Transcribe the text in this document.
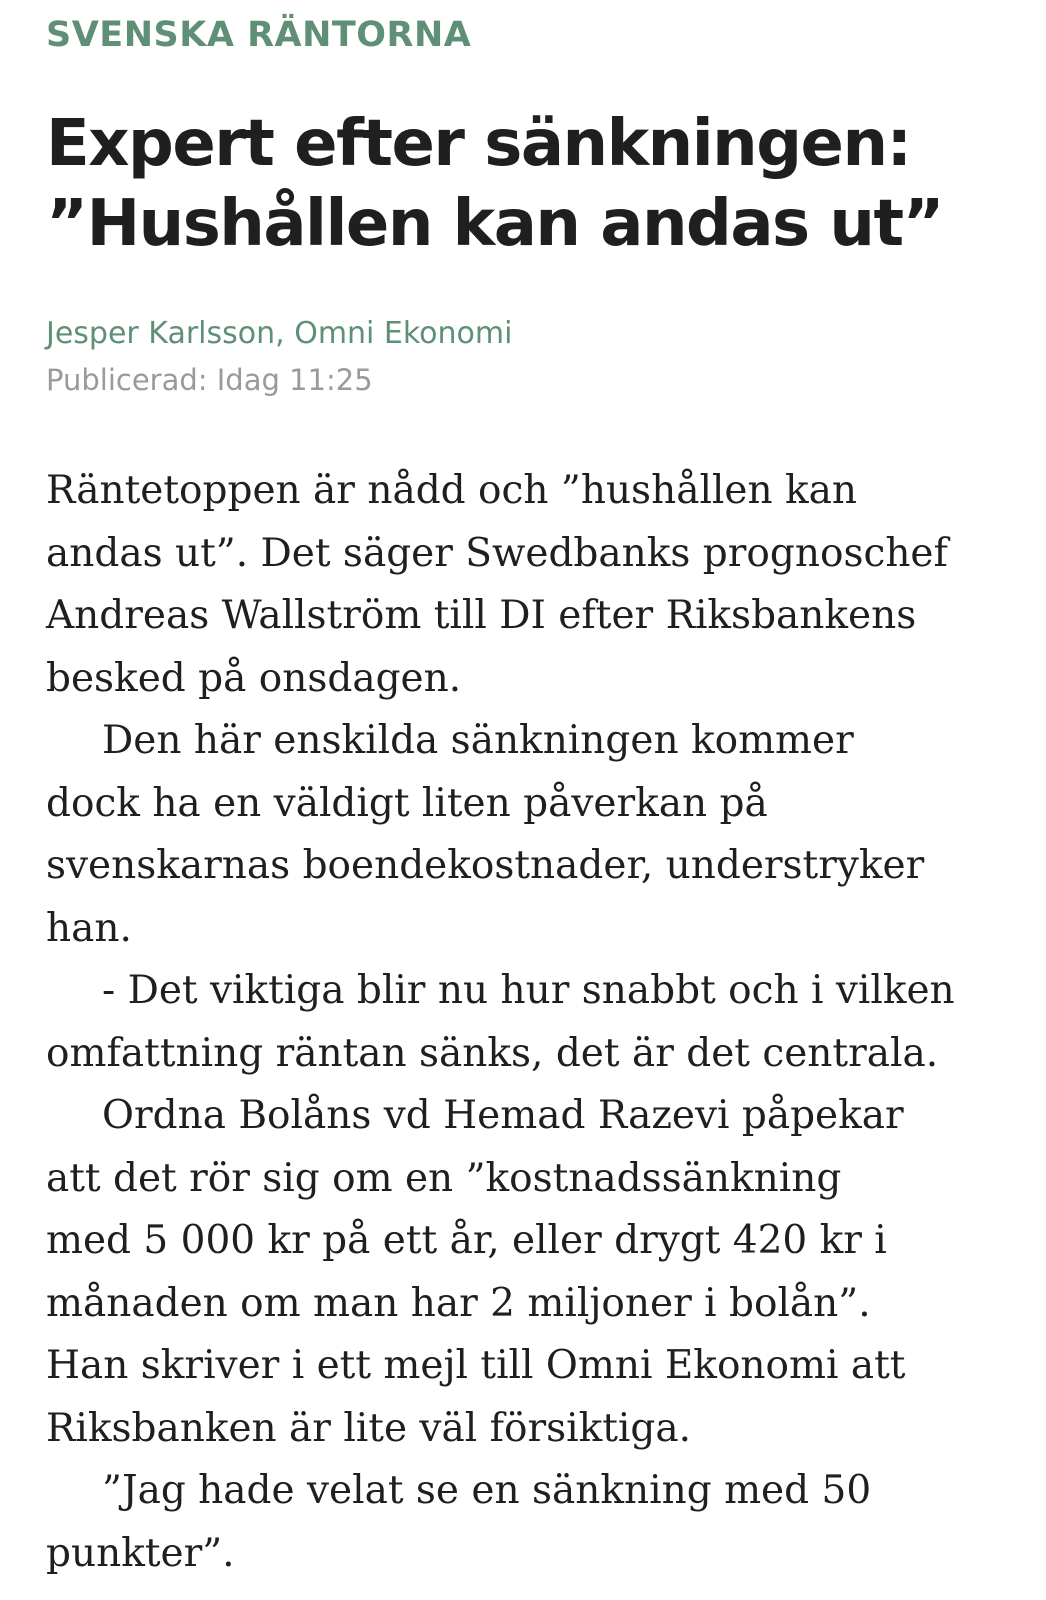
SVENSKA RÄNTORNA
Expert efter sänkningen:
”Hushållen kan andas ut”
Jesper Karlsson, Omni Ekonomi
Publicerad: Idag 11:25

Räntetoppen är nådd och ”hushållen kan
andas ut”. Det säger Swedbanks prognoschef
Andreas Wallström till DI efter Riksbankens
besked på onsdagen.

Den här enskilda sänkningen kommer
dock ha en väldigt liten påverkan på
svenskarnas boendekostnader, understryker
han.

- Det viktiga blir nu hur snabbt och i vilken
omfattning räntan sänks, det är det centrala.

Ordna Bolåns vd Hemad Razevi påpekar
att det rör sig om en ”kostnadssänkning
med 5 000 kr på ett år, eller drygt 420 kr i
månaden om man har 2 miljoner i bolån”.
Han skriver i ett mejl till Omni Ekonomi att
Riksbanken är lite väl försiktiga.

”Jag hade velat se en sänkning med 50
punkter”.
